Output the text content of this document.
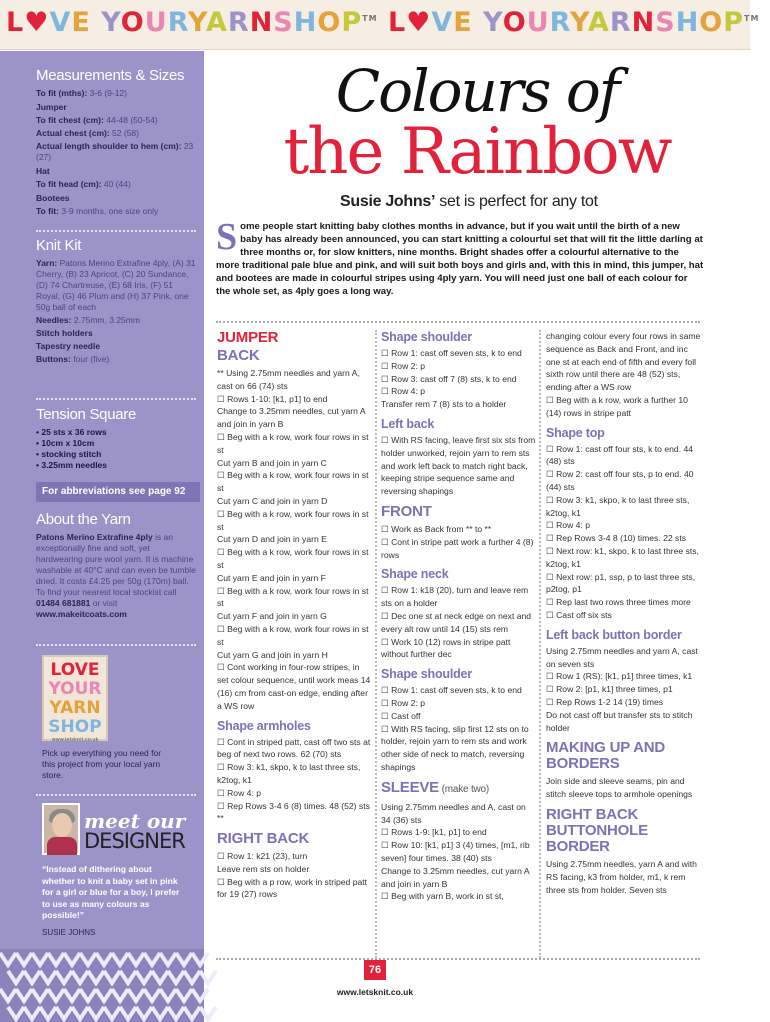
L♥VE YOURYARNSHOP™ L♥VE YOURYARNSHOP™
Measurements & Sizes
To fit (mths): 3-6 (9-12)
Jumper
To fit chest (cm): 44-48 (50-54)
Actual chest (cm): 52 (58)
Actual length shoulder to hem (cm): 23 (27)
Hat
To fit head (cm): 40 (44)
Bootees
To fit: 3-9 months, one size only
Knit Kit
Yarn: Patons Merino Extrafine 4ply, (A) 31 Cherry, (B) 23 Apricot, (C) 20 Sundance, (D) 74 Chartreuse, (E) 68 Iris, (F) 51 Royal, (G) 46 Plum and (H) 37 Pink, one 50g ball of each
Needles: 2.75mm, 3.25mm
Stitch holders
Tapestry needle
Buttons: four (five)
Tension Square
• 25 sts x 36 rows
• 10cm x 10cm
• stocking stitch
• 3.25mm needles
For abbreviations see page 92
About the Yarn
Patons Merino Extrafine 4ply is an exceptionally fine and soft, yet hardwearing pure wool yarn. It is machine washable at 40°C and can even be tumble dried. It costs £4.25 per 50g (170m) ball. To find your nearest local stockist call 01484 681881 or visit www.makeitcoats.com
LOVE
YOUR
YARN
SHOP
www.letsknit.co.uk
Pick up everything you need for this project from your local yarn store.
meet our
DESIGNER
“Instead of dithering about whether to knit a baby set in pink for a girl or blue for a boy, I prefer to use as many colours as possible!”
SUSIE JOHNS
Colours of
the Rainbow
Susie Johns’ set is perfect for any tot
S ome people start knitting baby clothes months in advance, but if you wait until the birth of a new baby has already been announced, you can start knitting a colourful set that will fit the little darling at three months or, for slow knitters, nine months. Bright shades offer a colourful alternative to the more traditional pale blue and pink, and will suit both boys and girls and, with this in mind, this jumper, hat and bootees are made in colourful stripes using 4ply yarn. You will need just one ball of each colour for the whole set, as 4ply goes a long way.
JUMPER
BACK
** Using 2.75mm needles and yarn A, cast on 66 (74) sts
☐ Rows 1-10: [k1, p1] to end
Change to 3.25mm needles, cut yarn A and join in yarn B
☐ Beg with a k row, work four rows in st st
Cut yarn B and join in yarn C
☐ Beg with a k row, work four rows in st st
Cut yarn C and join in yarn D
☐ Beg with a k row, work four rows in st st
Cut yarn D and join in yarn E
☐ Beg with a k row, work four rows in st st
Cut yarn E and join in yarn F
☐ Beg with a k row, work four rows in st st
Cut yarn F and join in yarn G
☐ Beg with a k row, work four rows in st st
Cut yarn G and join in yarn H
☐ Cont working in four-row stripes, in set colour sequence, until work meas 14 (16) cm from cast-on edge, ending after a WS row
Shape armholes
☐ Cont in striped patt, cast off two sts at beg of next two rows. 62 (70) sts
☐ Row 3: k1, skpo, k to last three sts, k2tog, k1
☐ Row 4: p
☐ Rep Rows 3-4 6 (8) times. 48 (52) sts **
RIGHT BACK
☐ Row 1: k21 (23), turn
Leave rem sts on holder
☐ Beg with a p row, work in striped patt for 19 (27) rows
Shape shoulder
☐ Row 1: cast off seven sts, k to end
☐ Row 2: p
☐ Row 3: cast off 7 (8) sts, k to end
☐ Row 4: p
Transfer rem 7 (8) sts to a holder
Left back
☐ With RS facing, leave first six sts from holder unworked, rejoin yarn to rem sts and work left back to match right back, keeping stripe sequence same and reversing shapings
FRONT
☐ Work as Back from ** to **
☐ Cont in stripe patt work a further 4 (8) rows
Shape neck
☐ Row 1: k18 (20), turn and leave rem sts on a holder
☐ Dec one st at neck edge on next and every alt row until 14 (15) sts rem
☐ Work 10 (12) rows in stripe patt without further dec
Shape shoulder
☐ Row 1: cast off seven sts, k to end
☐ Row 2: p
☐ Cast off
☐ With RS facing, slip first 12 sts on to holder, rejoin yarn to rem sts and work other side of neck to match, reversing shapings
SLEEVE (make two)
Using 2.75mm needles and A, cast on 34 (36) sts
☐ Rows 1-9: [k1, p1] to end
☐ Row 10: [k1, p1] 3 (4) times, [m1, rib seven] four times. 38 (40) sts
Change to 3.25mm needles, cut yarn A and join in yarn B
☐ Beg with yarn B, work in st st,
changing colour every four rows in same sequence as Back and Front, and inc one st at each end of fifth and every foll sixth row until there are 48 (52) sts, ending after a WS row
☐ Beg with a k row, work a further 10 (14) rows in stripe patt
Shape top
☐ Row 1: cast off four sts, k to end. 44 (48) sts
☐ Row 2: cast off four sts, p to end. 40 (44) sts
☐ Row 3: k1, skpo, k to last three sts, k2tog, k1
☐ Row 4: p
☐ Rep Rows 3-4 8 (10) times. 22 sts
☐ Next row: k1, skpo, k to last three sts, k2tog, k1
☐ Next row: p1, ssp, p to last three sts, p2tog, p1
☐ Rep last two rows three times more
☐ Cast off six sts
Left back button border
Using 2.75mm needles and yarn A, cast on seven sts
☐ Row 1 (RS): [k1, p1] three times, k1
☐ Row 2: [p1, k1] three times, p1
☐ Rep Rows 1-2 14 (19) times
Do not cast off but transfer sts to stitch holder
MAKING UP AND BORDERS
Join side and sleeve seams, pin and stitch sleeve tops to armhole openings
RIGHT BACK BUTTONHOLE BORDER
Using 2.75mm needles, yarn A and with RS facing, k3 from holder, m1, k rem three sts from holder. Seven sts
76
www.letsknit.co.uk
